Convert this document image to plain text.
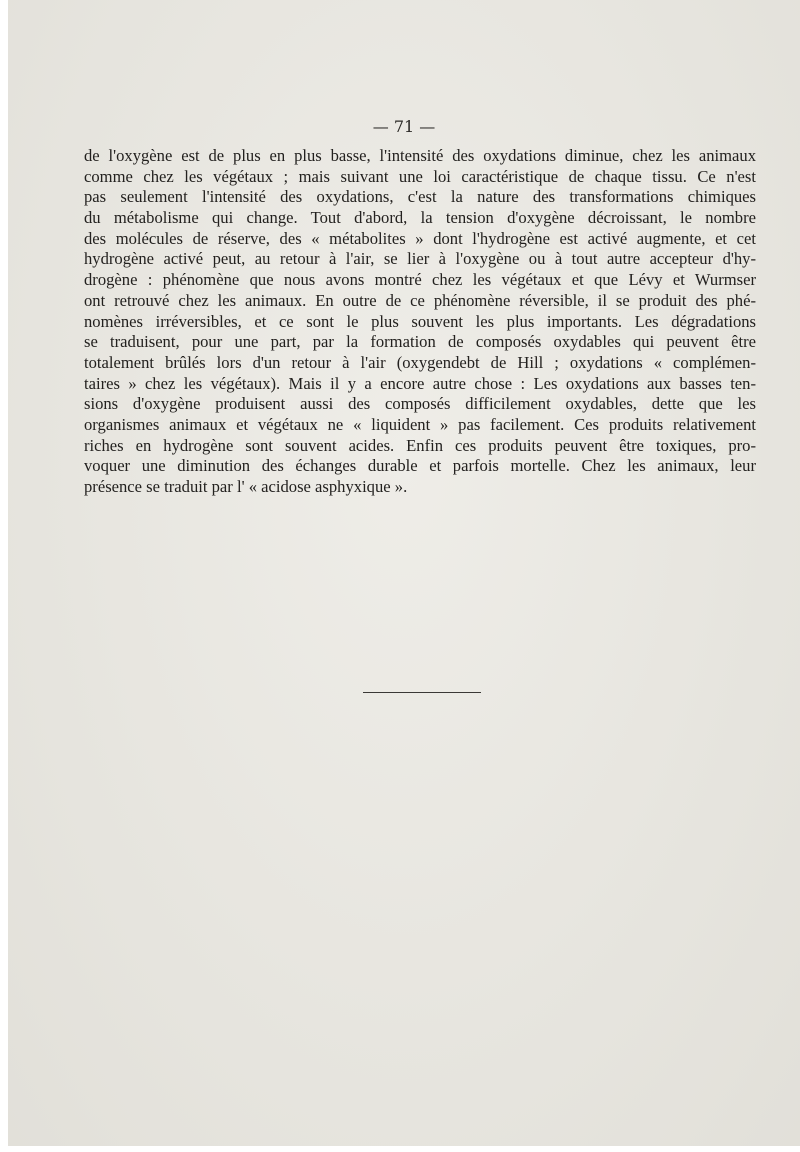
— 71 —
de l'oxygène est de plus en plus basse, l'intensité des oxydations diminue, chez les animaux
comme chez les végétaux ; mais suivant une loi caractéristique de chaque tissu. Ce n'est
pas seulement l'intensité des oxydations, c'est la nature des transformations chimiques
du métabolisme qui change. Tout d'abord, la tension d'oxygène décroissant, le nombre
des molécules de réserve, des « métabolites » dont l'hydrogène est activé augmente, et cet
hydrogène activé peut, au retour à l'air, se lier à l'oxygène ou à tout autre accepteur d'hy-
drogène : phénomène que nous avons montré chez les végétaux et que Lévy et Wurmser
ont retrouvé chez les animaux. En outre de ce phénomène réversible, il se produit des phé-
nomènes irréversibles, et ce sont le plus souvent les plus importants. Les dégradations
se traduisent, pour une part, par la formation de composés oxydables qui peuvent être
totalement brûlés lors d'un retour à l'air (oxygendebt de Hill ; oxydations « complémen-
taires » chez les végétaux). Mais il y a encore autre chose : Les oxydations aux basses ten-
sions d'oxygène produisent aussi des composés difficilement oxydables, dette que les
organismes animaux et végétaux ne « liquident » pas facilement. Ces produits relativement
riches en hydrogène sont souvent acides. Enfin ces produits peuvent être toxiques, pro-
voquer une diminution des échanges durable et parfois mortelle. Chez les animaux, leur
présence se traduit par l' « acidose asphyxique ».
